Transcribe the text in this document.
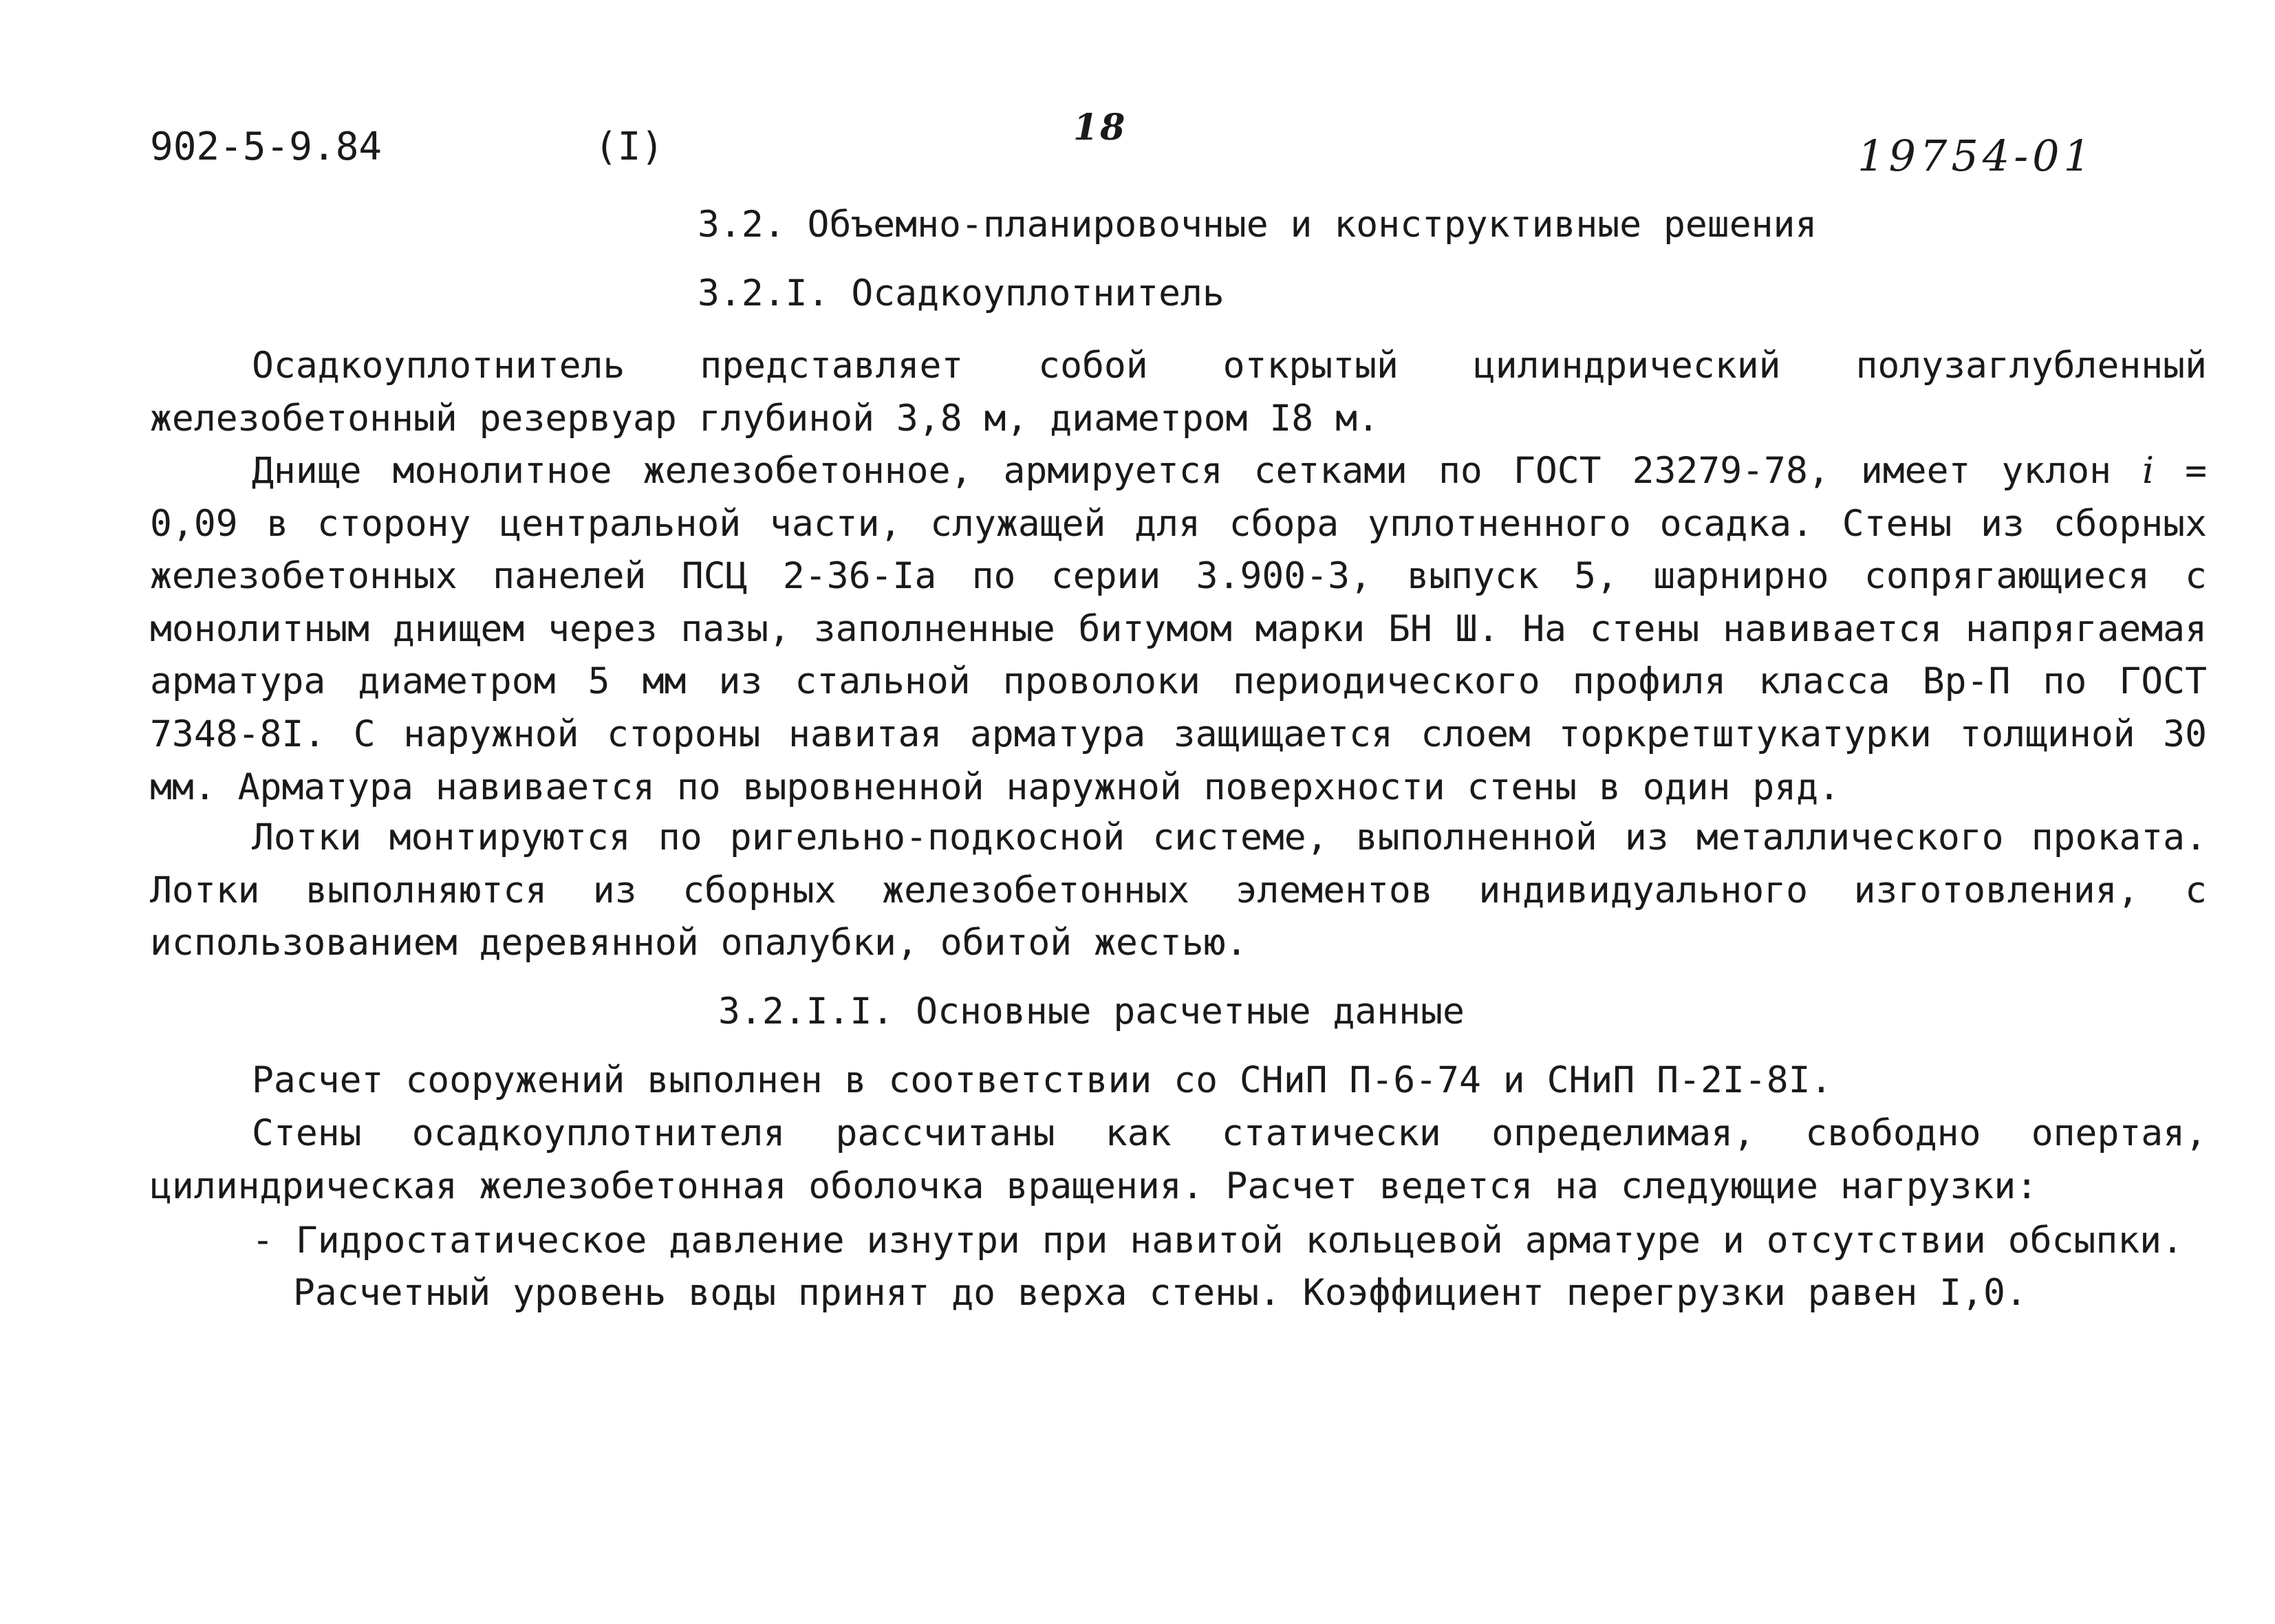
902-5-9.84	(I)	18
19754-01
3.2. Объемно-планировочные и конструктивные решения
3.2.I. Осадкоуплотнитель
Осадкоуплотнитель представляет собой открытый цилиндрический полузаглубленный железобетонный резервуар глубиной 3,8 м, диаметром I8 м.
Днище монолитное железобетонное, армируется сетками по ГОСТ 23279-78, имеет уклон i = 0,09 в сторону центральной части, служащей для сбора уплотненного осадка. Стены из сборных железобетонных панелей ПСЦ 2-36-Iа по серии 3.900-3, выпуск 5, шарнирно сопрягающиеся с монолитным днищем через пазы, заполненные битумом марки БН Ш. На стены навивается напрягаемая арматура диаметром 5 мм из стальной проволоки периодического профиля класса Вр-П по ГОСТ 7348-8I. С наружной стороны навитая арматура защищается слоем торкретштукатурки толщиной 30 мм. Арматура навивается по выровненной наружной поверхности стены в один ряд.
Лотки монтируются по ригельно-подкосной системе, выполненной из металлического проката. Лотки выполняются из сборных железобетонных элементов индивидуального изготовления, с использованием деревянной опалубки, обитой жестью.
3.2.I.I. Основные расчетные данные
Расчет сооружений выполнен в соответствии со СНиП П-6-74 и СНиП П-2I-8I.
Стены осадкоуплотнителя рассчитаны как статически определимая, свободно опертая, цилиндрическая железобетонная оболочка вращения. Расчет ведется на следующие нагрузки:
- Гидростатическое давление изнутри при навитой кольцевой арматуре и отсутствии обсыпки.
Расчетный уровень воды принят до верха стены. Коэффициент перегрузки равен I,0.
